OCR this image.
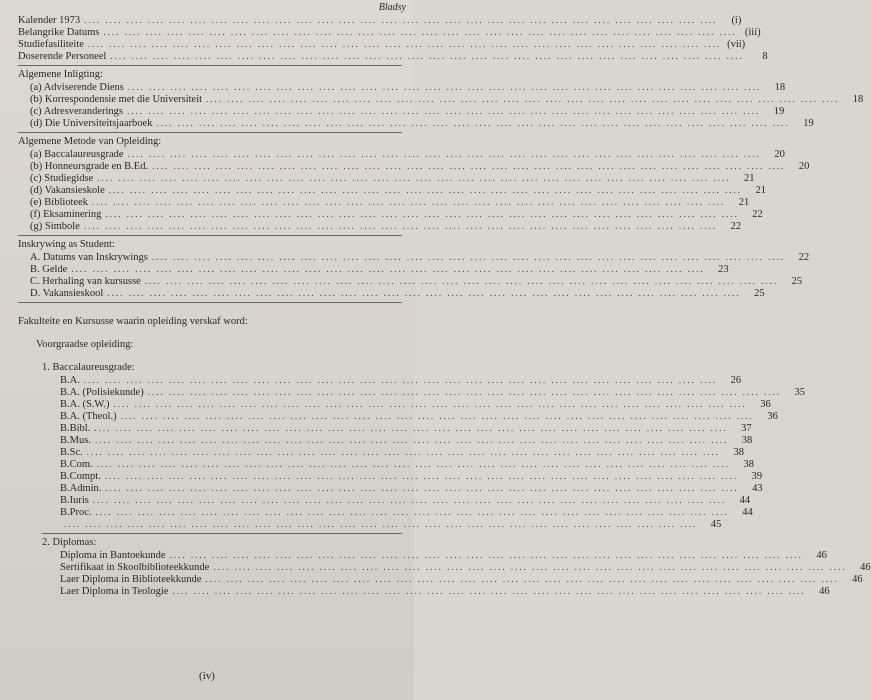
Bladsy
Kalender 1973 .... .... .... .... .... .... .... .... .... .... .... .... .... .... .... .... .... .... .... .... .... .... .... .... .... .... .... .... .... ....	(i)
Belangrike Datums .... .... .... .... .... .... .... .... .... .... .... .... .... .... .... .... .... .... .... .... .... .... .... .... .... .... .... .... .... .... (iii)
Studiefasiliteite .... .... .... .... .... .... .... .... .... .... .... .... .... .... .... .... .... .... .... .... .... .... .... .... .... .... .... .... .... .... (vii)
Doserende Personeel .... .... .... .... .... .... .... .... .... .... .... .... .... .... .... .... .... .... .... .... .... .... .... .... .... .... .... .... .... ....	8
Algemene Inligting:
(a) Adviserende Diens .... .... .... .... .... .... .... .... .... .... .... .... .... .... .... .... .... .... .... .... .... .... .... .... .... .... .... .... .... ....	18
(b) Korrespondensie met die Universiteit .... .... .... .... .... .... .... .... .... .... .... .... .... .... .... .... .... .... .... .... .... .... .... .... .... .... .... .... .... ....	18
(c) Adresveranderings .... .... .... .... .... .... .... .... .... .... .... .... .... .... .... .... .... .... .... .... .... .... .... .... .... .... .... .... .... ....	19
(d) Die Universiteitsjaarboek .... .... .... .... .... .... .... .... .... .... .... .... .... .... .... .... .... .... .... .... .... .... .... .... .... .... .... .... .... ....	19
Algemene Metode van Opleiding:
(a) Baccalaureusgrade .... .... .... .... .... .... .... .... .... .... .... .... .... .... .... .... .... .... .... .... .... .... .... .... .... .... .... .... .... ....	20
(b) Honneursgrade en B.Ed. .... .... .... .... .... .... .... .... .... .... .... .... .... .... .... .... .... .... .... .... .... .... .... .... .... .... .... .... .... ....	20
(c) Studiegidse .... .... .... .... .... .... .... .... .... .... .... .... .... .... .... .... .... .... .... .... .... .... .... .... .... .... .... .... .... ....	21
(d) Vakansieskole .... .... .... .... .... .... .... .... .... .... .... .... .... .... .... .... .... .... .... .... .... .... .... .... .... .... .... .... .... ....	21
(e) Biblioteek .... .... .... .... .... .... .... .... .... .... .... .... .... .... .... .... .... .... .... .... .... .... .... .... .... .... .... .... .... ....	21
(f) Eksaminering .... .... .... .... .... .... .... .... .... .... .... .... .... .... .... .... .... .... .... .... .... .... .... .... .... .... .... .... .... ....	22
(g) Simbole .... .... .... .... .... .... .... .... .... .... .... .... .... .... .... .... .... .... .... .... .... .... .... .... .... .... .... .... .... ....	22
Inskrywing as Student:
A. Datums van Inskrywings .... .... .... .... .... .... .... .... .... .... .... .... .... .... .... .... .... .... .... .... .... .... .... .... .... .... .... .... .... ....	22
B. Gelde .... .... .... .... .... .... .... .... .... .... .... .... .... .... .... .... .... .... .... .... .... .... .... .... .... .... .... .... .... ....	23
C. Herhaling van kursusse .... .... .... .... .... .... .... .... .... .... .... .... .... .... .... .... .... .... .... .... .... .... .... .... .... .... .... .... .... ....	25
D. Vakansieskool .... .... .... .... .... .... .... .... .... .... .... .... .... .... .... .... .... .... .... .... .... .... .... .... .... .... .... .... .... ....	25
Fakulteite en Kursusse waarin opleiding verskaf word:
Voorgraadse opleiding:
1. Baccalaureusgrade:
B.A. .... .... .... .... .... .... .... .... .... .... .... .... .... .... .... .... .... .... .... .... .... .... .... .... .... .... .... .... .... ....	26
B.A. (Polisiekunde) .... .... .... .... .... .... .... .... .... .... .... .... .... .... .... .... .... .... .... .... .... .... .... .... .... .... .... .... .... ....	35
B.A. (S.W.) .... .... .... .... .... .... .... .... .... .... .... .... .... .... .... .... .... .... .... .... .... .... .... .... .... .... .... .... .... ....	36
B.A. (Theol.) .... .... .... .... .... .... .... .... .... .... .... .... .... .... .... .... .... .... .... .... .... .... .... .... .... .... .... .... .... ....	36
B.Bibl. .... .... .... .... .... .... .... .... .... .... .... .... .... .... .... .... .... .... .... .... .... .... .... .... .... .... .... .... .... ....	37
B.Mus. .... .... .... .... .... .... .... .... .... .... .... .... .... .... .... .... .... .... .... .... .... .... .... .... .... .... .... .... .... ....	38
B.Sc. .... .... .... .... .... .... .... .... .... .... .... .... .... .... .... .... .... .... .... .... .... .... .... .... .... .... .... .... .... ....	38
B.Com. .... .... .... .... .... .... .... .... .... .... .... .... .... .... .... .... .... .... .... .... .... .... .... .... .... .... .... .... .... ....	38
B.Compt. .... .... .... .... .... .... .... .... .... .... .... .... .... .... .... .... .... .... .... .... .... .... .... .... .... .... .... .... .... ....	39
B.Admin. .... .... .... .... .... .... .... .... .... .... .... .... .... .... .... .... .... .... .... .... .... .... .... .... .... .... .... .... .... ....	43
B.Iuris .... .... .... .... .... .... .... .... .... .... .... .... .... .... .... .... .... .... .... .... .... .... .... .... .... .... .... .... .... ....	44
B.Proc. .... .... .... .... .... .... .... .... .... .... .... .... .... .... .... .... .... .... .... .... .... .... .... .... .... .... .... .... .... ....	44
.... .... .... .... .... .... .... .... .... .... .... .... .... .... .... .... .... .... .... .... .... .... .... .... .... .... .... .... .... ....	45
2. Diplomas:
Diploma in Bantoekunde .... .... .... .... .... .... .... .... .... .... .... .... .... .... .... .... .... .... .... .... .... .... .... .... .... .... .... .... .... ....	46
Sertifikaat in Skoolbiblioteekkunde .... .... .... .... .... .... .... .... .... .... .... .... .... .... .... .... .... .... .... .... .... .... .... .... .... .... .... .... .... ....	46
Laer Diploma in Biblioteekkunde .... .... .... .... .... .... .... .... .... .... .... .... .... .... .... .... .... .... .... .... .... .... .... .... .... .... .... .... .... ....	46
Laer Diploma in Teologie .... .... .... .... .... .... .... .... .... .... .... .... .... .... .... .... .... .... .... .... .... .... .... .... .... .... .... .... .... ....	46
(iv)
